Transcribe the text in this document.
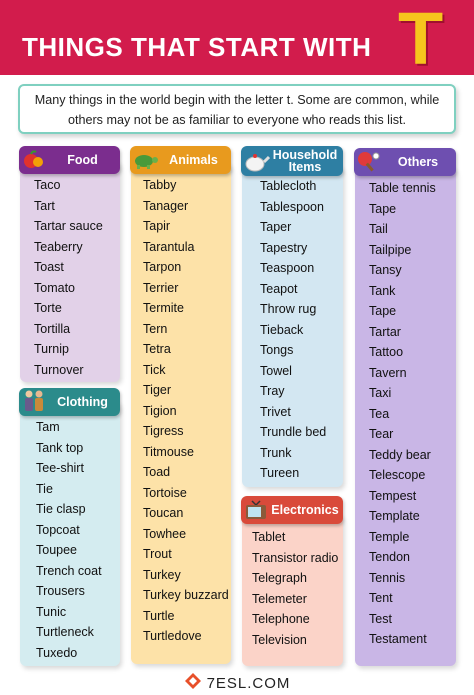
THINGS THAT START WITH T
Many things in the world begin with the letter t. Some are common, while
others may not be as familiar to everyone who reads this list.
Food
Taco
Tart
Tartar sauce
Teaberry
Toast
Tomato
Torte
Tortilla
Turnip
Turnover
Clothing
Tam
Tank top
Tee-shirt
Tie
Tie clasp
Topcoat
Toupee
Trench coat
Trousers
Tunic
Turtleneck
Tuxedo
Animals
Tabby
Tanager
Tapir
Tarantula
Tarpon
Terrier
Termite
Tern
Tetra
Tick
Tiger
Tigion
Tigress
Titmouse
Toad
Tortoise
Toucan
Towhee
Trout
Turkey
Turkey buzzard
Turtle
Turtledove
Household
Items
Tablecloth
Tablespoon
Taper
Tapestry
Teaspoon
Teapot
Throw rug
Tieback
Tongs
Towel
Tray
Trivet
Trundle bed
Trunk
Tureen
Electronics
Tablet
Transistor radio
Telegraph
Telemeter
Telephone
Television
Others
Table tennis
Tape
Tail
Tailpipe
Tansy
Tank
Tape
Tartar
Tattoo
Tavern
Taxi
Tea
Tear
Teddy bear
Telescope
Tempest
Template
Temple
Tendon
Tennis
Tent
Test
Testament
7ESL.COM
